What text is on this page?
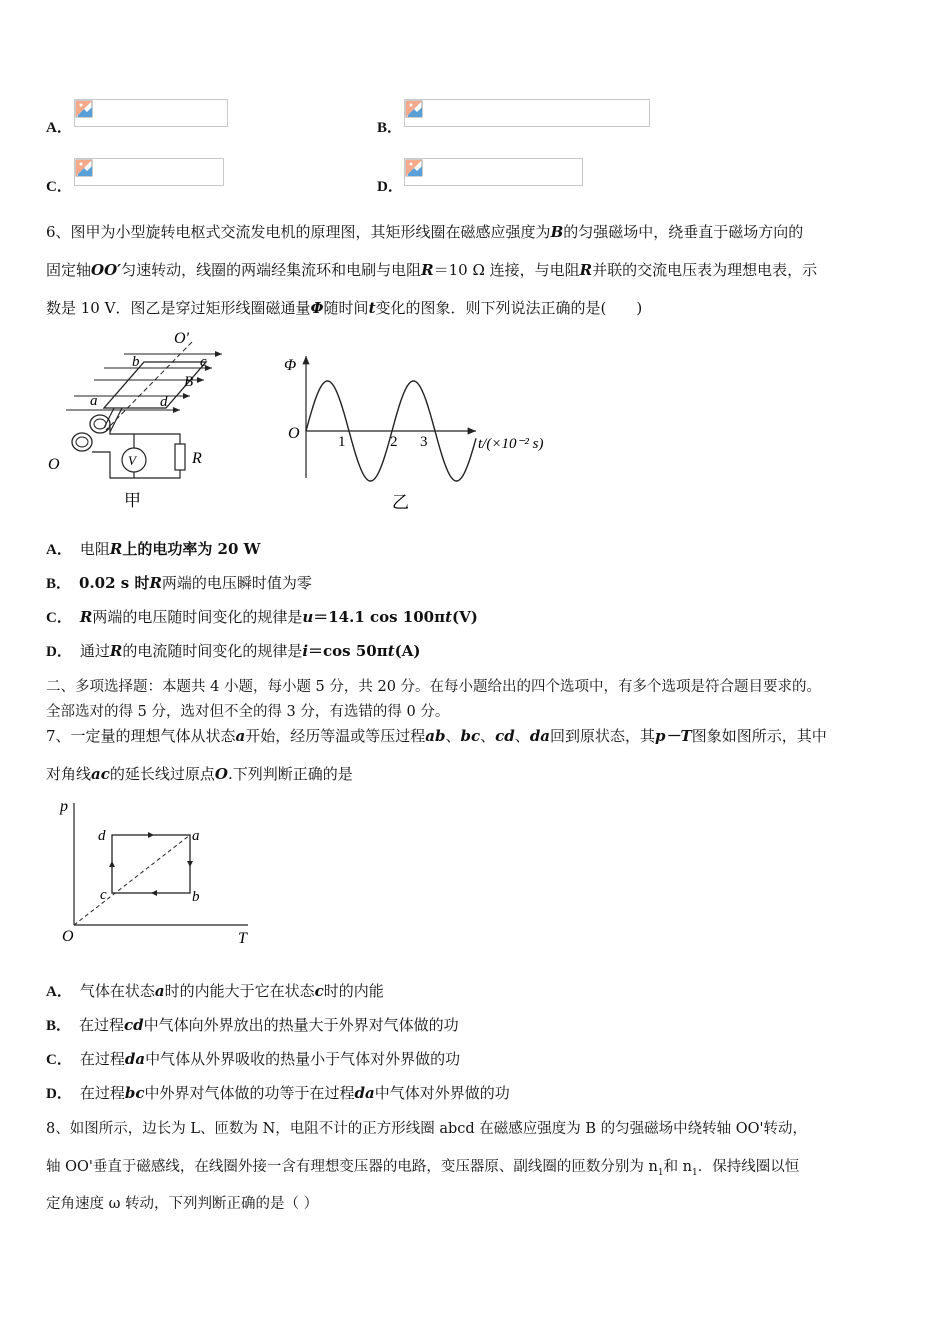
A．	B．
C．	D．
6、图甲为小型旋转电枢式交流发电机的原理图，其矩形线圈在磁感应强度为B的匀强磁场中，绕垂直于磁场方向的
固定轴OO′匀速转动，线圈的两端经集流环和电刷与电阻R＝10 Ω 连接，与电阻R并联的交流电压表为理想电表，示
数是 10 V．图乙是穿过矩形线圈磁通量Φ随时间t变化的图象．则下列说法正确的是(　　)
O′
b	c
a	d
B
O	V	R
甲
Φ
O	1	2 3	t/(×10⁻² s)
乙
A． 电阻R上的电功率为 20 W
B． 0.02 s 时R两端的电压瞬时值为零
C． R两端的电压随时间变化的规律是u＝14.1 cos 100πt(V)
D． 通过R的电流随时间变化的规律是i＝cos 50πt(A)
二、多项选择题：本题共 4 小题，每小题 5 分，共 20 分。在每小题给出的四个选项中，有多个选项是符合题目要求的。
全部选对的得 5 分，选对但不全的得 3 分，有选错的得 0 分。
7、一定量的理想气体从状态a开始，经历等温或等压过程ab、bc、cd、da回到原状态，其p－T图象如图所示，其中
对角线ac的延长线过原点O.下列判断正确的是
p
d	a
c	b
O	T
A． 气体在状态a时的内能大于它在状态c时的内能
B． 在过程cd中气体向外界放出的热量大于外界对气体做的功
C． 在过程da中气体从外界吸收的热量小于气体对外界做的功
D． 在过程bc中外界对气体做的功等于在过程da中气体对外界做的功
8、如图所示，边长为 L、匝数为 N，电阻不计的正方形线圈 abcd 在磁感应强度为 B 的匀强磁场中绕转轴 OO'转动，
轴 OO'垂直于磁感线，在线圈外接一含有理想变压器的电路，变压器原、副线圈的匝数分别为 $n_1$和 $n_1$．保持线圈以恒
定角速度 ω 转动，下列判断正确的是（ ）
